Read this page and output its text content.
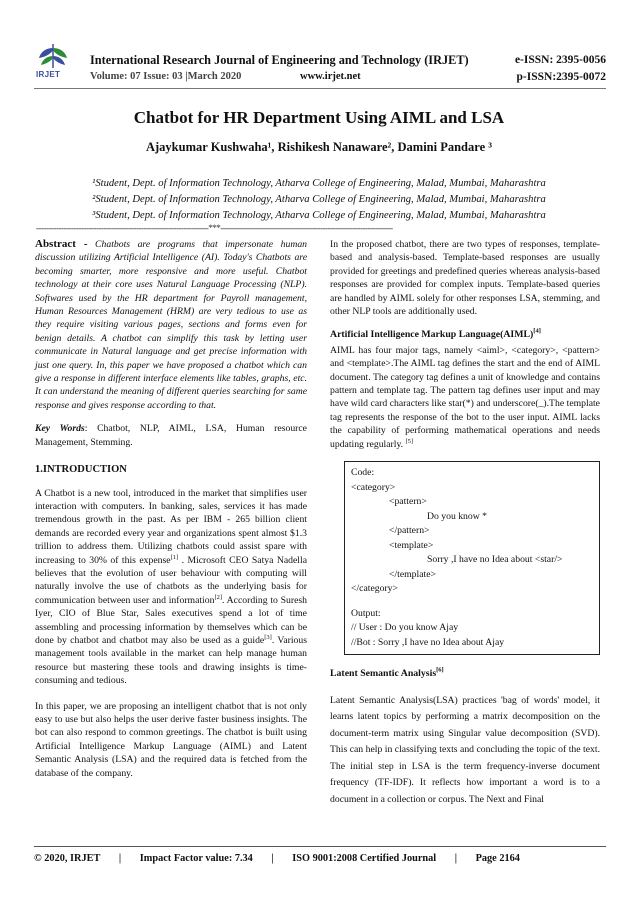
IRJET
International Research Journal of Engineering and Technology (IRJET)	e-ISSN: 2395-0056
Volume: 07 Issue: 03 |March 2020	www.irjet.net	p-ISSN:2395-0072
Chatbot for HR Department Using AIML and LSA
Ajaykumar Kushwaha¹, Rishikesh Nanaware², Damini Pandare ³
¹Student, Dept. of Information Technology, Atharva College of Engineering, Malad, Mumbai, Maharashtra
²Student, Dept. of Information Technology, Atharva College of Engineering, Malad, Mumbai, Maharashtra
³Student, Dept. of Information Technology, Atharva College of Engineering, Malad, Mumbai, Maharashtra
---------------------------------------------------------------------***---------------------------------------------------------------------

Abstract - Chatbots are programs that impersonate human discussion utilizing Artificial Intelligence (AI). Today's Chatbots are becoming smarter, more responsive and more useful. Chatbot technology at their core uses Natural Language Processing (NLP). Softwares used by the HR department for Payroll management, Human Resources Management (HRM) are very tedious to use as they require visiting various pages, sections and forms even for benign details. A chatbot can simplify this task by letting user communicate in Natural language and get precise information with just one query. In, this paper we have proposed a chatbot which can give a response in different interface elements like tables, graphs, etc. It can understand the meaning of different queries searching for same response and gives response according to that.

Key Words: Chatbot, NLP, AIML, LSA, Human resource Management, Stemming.

1.INTRODUCTION

A Chatbot is a new tool, introduced in the market that simplifies user interaction with computers. In banking, sales, services it has made tremendous growth in the past. As per IBM - 265 billion client demands are recorded every year and organizations spent almost $1.3 trillion to address them. Utilizing chatbots could assist spare with increasing to 30% of this expense[1] . Microsoft CEO Satya Nadella believes that the evolution of user behaviour with computing will naturally involve the use of chatbots as the underlying basis for communication between user and information[2]. According to Suresh Iyer, CIO of Blue Star, Sales executives spend a lot of time assembling and processing information by themselves which can be done by chatbot and chatbot may also be used as a guide[3]. Various management tools available in the market can help manage human resource but mastering these tools and drawing insights is time-consuming and tedious.

In this paper, we are proposing an intelligent chatbot that is not only easy to use but also helps the user derive faster business insights. The bot can also respond to common greetings. The chatbot is built using Artificial Intelligence Markup Language (AIML) and Latent Semantic Analysis (LSA) and the required data is fetched from the database of the company.

In the proposed chatbot, there are two types of responses, template-based and analysis-based. Template-based responses are usually provided for greetings and predefined queries whereas analysis-based responses are provided for complex inputs. Template-based queries are handled by AIML solely for other responses LSA, stemming, and other NLP tools are additionally used.

Artificial Intelligence Markup Language(AIML)[4]

AIML has four major tags, namely <aiml>, <category>, <pattern> and <template>.The AIML tag defines the start and the end of AIML document. The category tag defines a unit of knowledge and contains pattern and template tag. The pattern tag defines user input and may have wild card characters like star(*) and underscore(_).The template tag represents the response of the bot to the user input. AIML lacks the capability of performing mathematical operations and needs updating regularly. [5]

Code:
<category>
<pattern>
Do you know *
</pattern>
<template>
Sorry ,I have no Idea about <star/>
</template>
</category>
Output:
// User : Do you know Ajay
//Bot : Sorry ,I have no Idea about Ajay
Latent Semantic Analysis[6]

Latent Semantic Analysis(LSA) practices 'bag of words' model, it learns latent topics by performing a matrix decomposition on the document-term matrix using Singular value decomposition (SVD). This can help in classifying texts and concluding the topic of the text. The initial step in LSA is the term frequency-inverse document frequency (TF-IDF). It reflects how important a word is to a document in a collection or corpus. The Next and Final

© 2020, IRJET | Impact Factor value: 7.34 | ISO 9001:2008 Certified Journal | Page 2164
